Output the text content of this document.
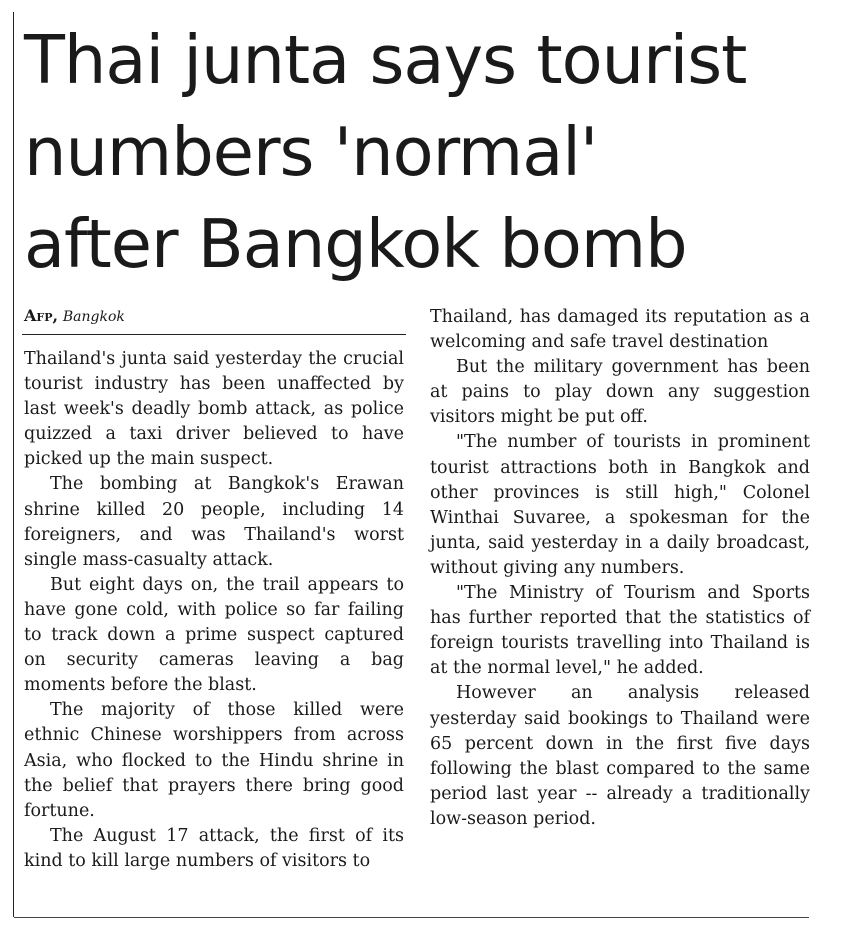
Thai junta says tourist
numbers 'normal'
after Bangkok bomb
Afp, Bangkok

Thailand's junta said yesterday the crucial tourist industry has been unaffected by last week's deadly bomb attack, as police quizzed a taxi driver believed to have picked up the main suspect.

The bombing at Bangkok's Erawan shrine killed 20 people, including 14 foreigners, and was Thailand's worst single mass-casualty attack.

But eight days on, the trail appears to have gone cold, with police so far failing to track down a prime suspect captured on security cameras leaving a bag moments before the blast.

The majority of those killed were ethnic Chinese worshippers from across Asia, who flocked to the Hindu shrine in the belief that prayers there bring good fortune.

The August 17 attack, the first of its kind to kill large numbers of visitors to

Thailand, has damaged its reputation as a welcoming and safe travel destination

But the military government has been at pains to play down any suggestion visitors might be put off.

"The number of tourists in prominent tourist attractions both in Bangkok and other provinces is still high," Colonel Winthai Suvaree, a spokesman for the junta, said yesterday in a daily broadcast, without giving any numbers.

"The Ministry of Tourism and Sports has further reported that the statistics of foreign tourists travelling into Thailand is at the normal level," he added.

However an analysis released yesterday said bookings to Thailand were 65 percent down in the first five days following the blast compared to the same period last year -- already a traditionally low-season period.
